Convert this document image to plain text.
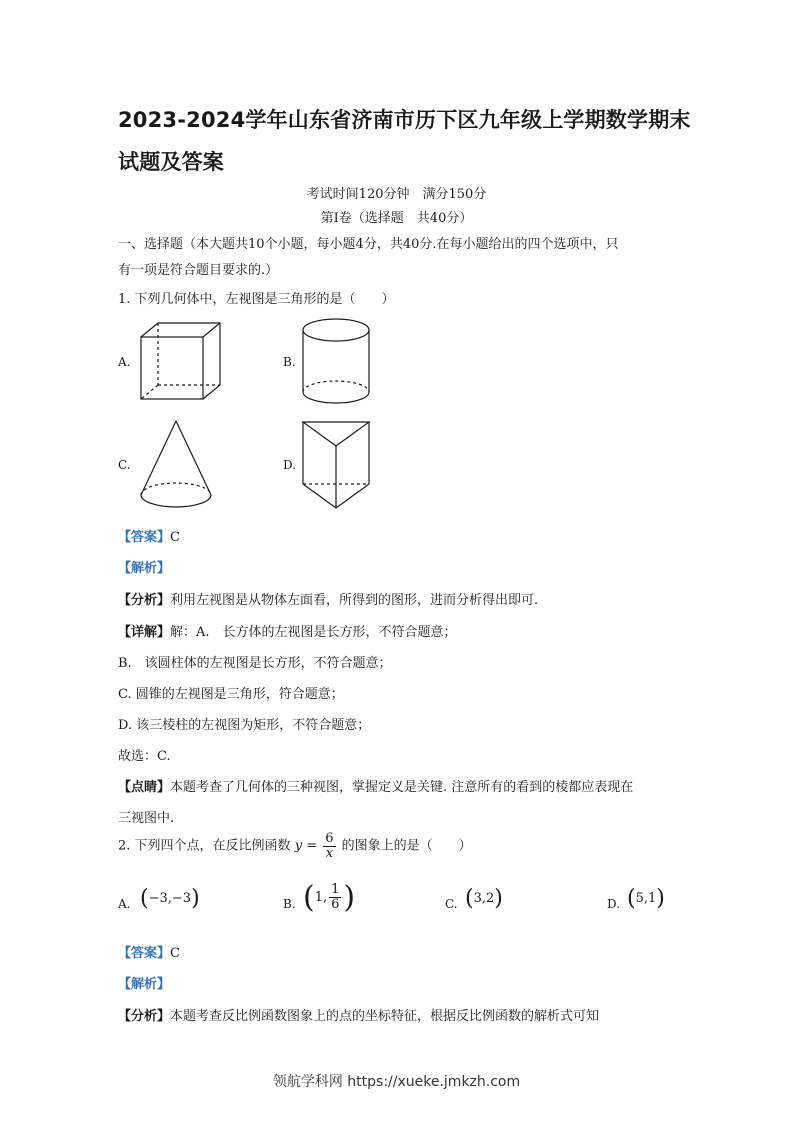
2023-2024学年山东省济南市历下区九年级上学期数学期末
试题及答案
考试时间120分钟　满分150分
第Ⅰ卷（选择题　共40分）
一、选择题（本大题共10个小题，每小题4分，共40分.在每小题给出的四个选项中，只
有一项是符合题目要求的.）
1. 下列几何体中，左视图是三角形的是（　　）
A.	B.
C.	D.
【答案】C
【解析】
【分析】利用左视图是从物体左面看，所得到的图形，进而分析得出即可.
【详解】解：A.　长方体的左视图是长方形，不符合题意；
B.　该圆柱体的左视图是长方形，不符合题意；
C. 圆锥的左视图是三角形，符合题意；
D. 该三棱柱的左视图为矩形，不符合题意；
故选：C.
【点睛】本题考查了几何体的三种视图，掌握定义是关键. 注意所有的看到的棱都应表现在
三视图中.
2. 下列四个点，在反比例函数 $y = \frac{6}{x}$ 的图象上的是（　　）
A. (−3,−3)	B. (1, $\frac{1}{6}$ )	C. (3,2)	D. (5,1)
【答案】C
【解析】
【分析】本题考查反比例函数图象上的点的坐标特征，根据反比例函数的解析式可知
领航学科网 https://xueke.jmkzh.com
